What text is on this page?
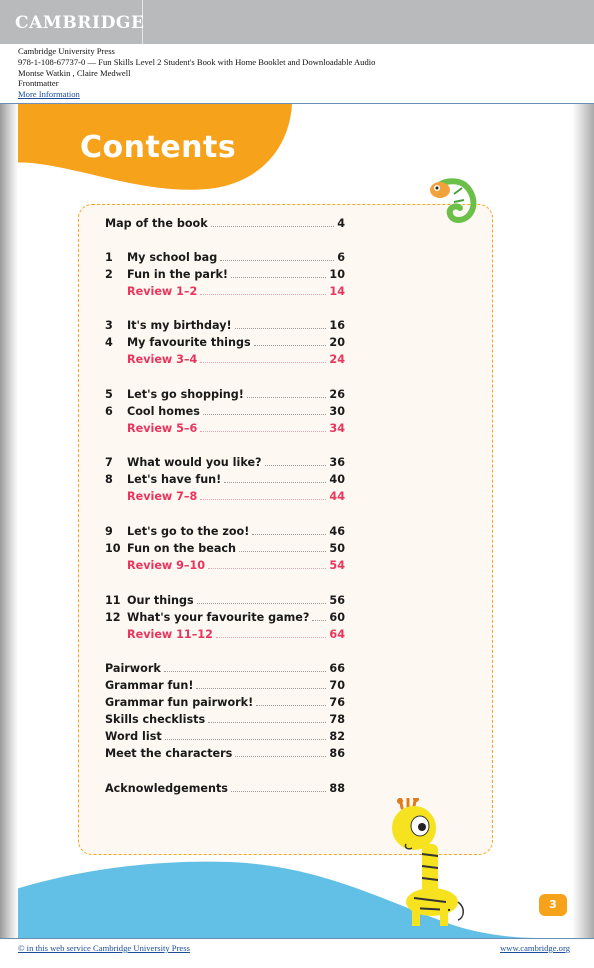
CAMBRIDGE
Cambridge University Press
978-1-108-67737-0 — Fun Skills Level 2 Student's Book with Home Booklet and Downloadable Audio
Montse Watkin , Claire Medwell
Frontmatter
More Information
Contents
3
© in this web service Cambridge University Press	www.cambridge.org
Map of the book	4
1	My school bag	6
2	Fun in the park!	10
Review 1–2	14
3	It's my birthday!	16
4	My favourite things	20
Review 3–4	24
5	Let's go shopping!	26
6	Cool homes	30
Review 5–6	34
7	What would you like?	36
8	Let's have fun!	40
Review 7–8	44
9	Let's go to the zoo!	46
10 Fun on the beach	50
Review 9–10	54
11 Our things	56
12 What's your favourite game? 60
Review 11–12	64
Pairwork	66
Grammar fun!	70
Grammar fun pairwork!	76
Skills checklists	78
Word list	82
Meet the characters	86
Acknowledgements	88
